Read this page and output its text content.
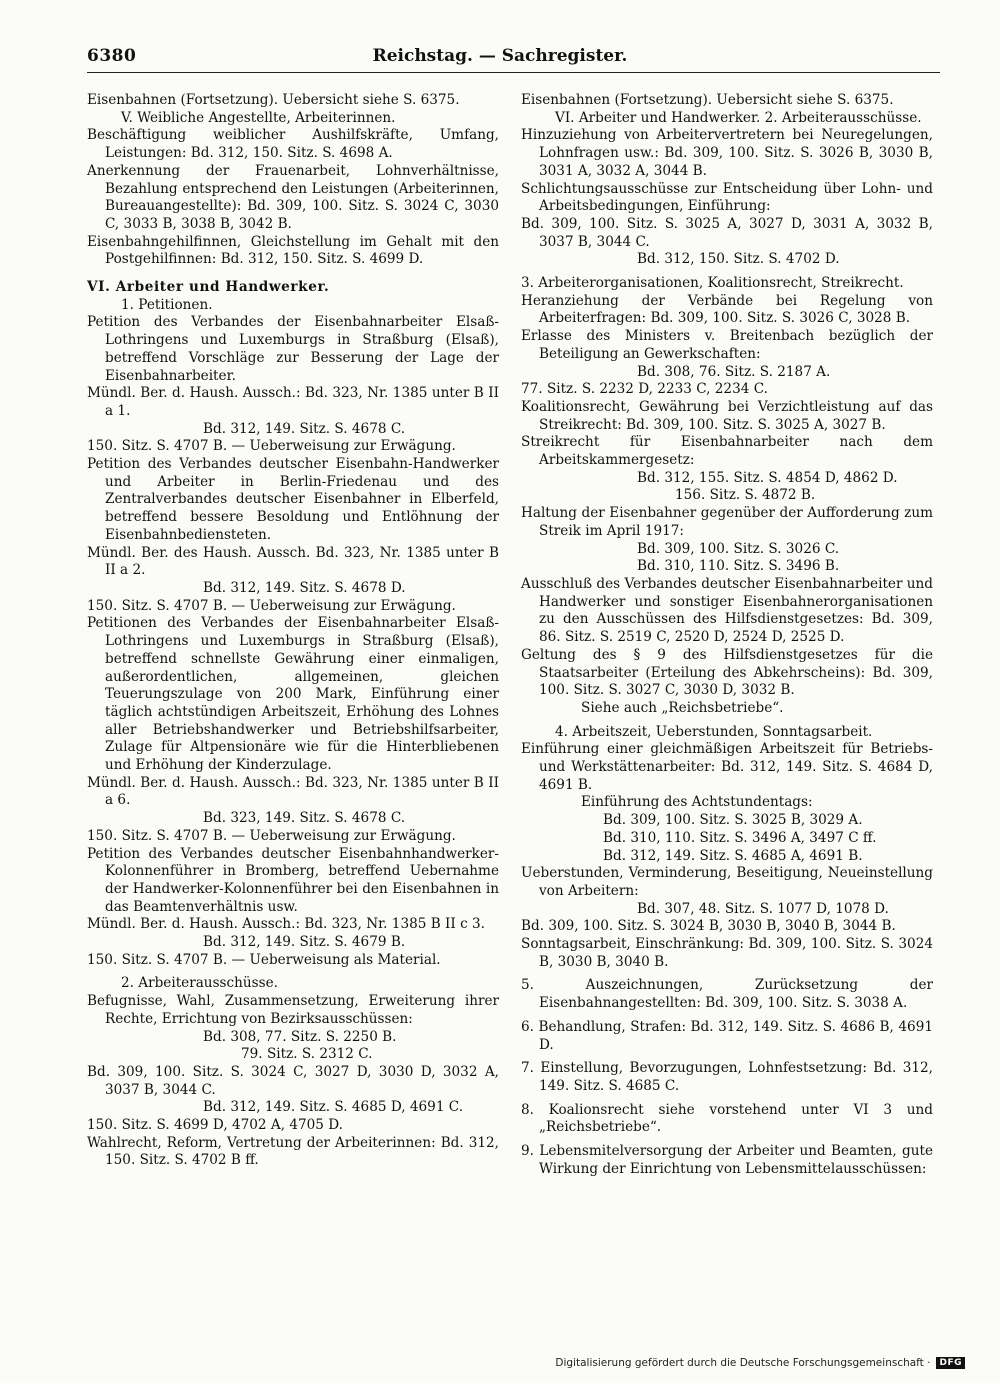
6380	Reichstag. — Sachregister.

Eisenbahnen (Fortsetzung). Uebersicht siehe S. 6375.

V. Weibliche Angestellte, Arbeiterinnen.

Beschäftigung weiblicher Aushilfskräfte, Umfang, Leistungen: Bd. 312, 150. Sitz. S. 4698 A.

Anerkennung der Frauenarbeit, Lohnverhältnisse, Bezahlung entsprechend den Leistungen (Arbeiterinnen, Bureauangestellte): Bd. 309, 100. Sitz. S. 3024 C, 3030 C, 3033 B, 3038 B, 3042 B.

Eisenbahngehilfinnen, Gleichstellung im Gehalt mit den Postgehilfinnen: Bd. 312, 150. Sitz. S. 4699 D.

VI. Arbeiter und Handwerker.

1. Petitionen.

Petition des Verbandes der Eisenbahnarbeiter Elsaß-Lothringens und Luxemburgs in Straßburg (Elsaß), betreffend Vorschläge zur Besserung der Lage der Eisenbahnarbeiter.

Mündl. Ber. d. Haush. Aussch.: Bd. 323, Nr. 1385 unter B II a 1.

Bd. 312, 149. Sitz. S. 4678 C.

150. Sitz. S. 4707 B. — Ueberweisung zur Erwägung.

Petition des Verbandes deutscher Eisenbahn-Handwerker und Arbeiter in Berlin-Friedenau und des Zentralverbandes deutscher Eisenbahner in Elberfeld, betreffend bessere Besoldung und Entlöhnung der Eisenbahnbediensteten.

Mündl. Ber. des Haush. Aussch. Bd. 323, Nr. 1385 unter B II a 2.

Bd. 312, 149. Sitz. S. 4678 D.

150. Sitz. S. 4707 B. — Ueberweisung zur Erwägung.

Petitionen des Verbandes der Eisenbahnarbeiter Elsaß-Lothringens und Luxemburgs in Straßburg (Elsaß), betreffend schnellste Gewährung einer einmaligen, außerordentlichen, allgemeinen, gleichen Teuerungszulage von 200 Mark, Einführung einer täglich achtstündigen Arbeitszeit, Erhöhung des Lohnes aller Betriebshandwerker und Betriebshilfsarbeiter, Zulage für Altpensionäre wie für die Hinterbliebenen und Erhöhung der Kinderzulage.

Mündl. Ber. d. Haush. Aussch.: Bd. 323, Nr. 1385 unter B II a 6.

Bd. 323, 149. Sitz. S. 4678 C.

150. Sitz. S. 4707 B. — Ueberweisung zur Erwägung.

Petition des Verbandes deutscher Eisenbahnhandwerker-Kolonnenführer in Bromberg, betreffend Uebernahme der Handwerker-Kolonnenführer bei den Eisenbahnen in das Beamtenverhältnis usw.

Mündl. Ber. d. Haush. Aussch.: Bd. 323, Nr. 1385 B II c 3.

Bd. 312, 149. Sitz. S. 4679 B.

150. Sitz. S. 4707 B. — Ueberweisung als Material.

2. Arbeiterausschüsse.

Befugnisse, Wahl, Zusammensetzung, Erweiterung ihrer Rechte, Errichtung von Bezirksausschüssen:

Bd. 308, 77. Sitz. S. 2250 B.

79. Sitz. S. 2312 C.

Bd. 309, 100. Sitz. S. 3024 C, 3027 D, 3030 D, 3032 A, 3037 B, 3044 C.

Bd. 312, 149. Sitz. S. 4685 D, 4691 C.

150. Sitz. S. 4699 D, 4702 A, 4705 D.

Wahlrecht, Reform, Vertretung der Arbeiterinnen: Bd. 312, 150. Sitz. S. 4702 B ff.

Eisenbahnen (Fortsetzung). Uebersicht siehe S. 6375.

VI. Arbeiter und Handwerker. 2. Arbeiterausschüsse.

Hinzuziehung von Arbeitervertretern bei Neuregelungen, Lohnfragen usw.: Bd. 309, 100. Sitz. S. 3026 B, 3030 B, 3031 A, 3032 A, 3044 B.

Schlichtungsausschüsse zur Entscheidung über Lohn- und Arbeitsbedingungen, Einführung:

Bd. 309, 100. Sitz. S. 3025 A, 3027 D, 3031 A, 3032 B, 3037 B, 3044 C.

Bd. 312, 150. Sitz. S. 4702 D.

3. Arbeiterorganisationen, Koalitionsrecht, Streikrecht.

Heranziehung der Verbände bei Regelung von Arbeiterfragen: Bd. 309, 100. Sitz. S. 3026 C, 3028 B.

Erlasse des Ministers v. Breitenbach bezüglich der Beteiligung an Gewerkschaften:

Bd. 308, 76. Sitz. S. 2187 A.

77. Sitz. S. 2232 D, 2233 C, 2234 C.

Koalitionsrecht, Gewährung bei Verzichtleistung auf das Streikrecht: Bd. 309, 100. Sitz. S. 3025 A, 3027 B.

Streikrecht für Eisenbahnarbeiter nach dem Arbeitskammergesetz:

Bd. 312, 155. Sitz. S. 4854 D, 4862 D.

156. Sitz. S. 4872 B.

Haltung der Eisenbahner gegenüber der Aufforderung zum Streik im April 1917:

Bd. 309, 100. Sitz. S. 3026 C.

Bd. 310, 110. Sitz. S. 3496 B.

Ausschluß des Verbandes deutscher Eisenbahnarbeiter und Handwerker und sonstiger Eisenbahnerorganisationen zu den Ausschüssen des Hilfsdienstgesetzes: Bd. 309, 86. Sitz. S. 2519 C, 2520 D, 2524 D, 2525 D.

Geltung des § 9 des Hilfsdienstgesetzes für die Staatsarbeiter (Erteilung des Abkehrscheins): Bd. 309, 100. Sitz. S. 3027 C, 3030 D, 3032 B.

Siehe auch „Reichsbetriebe“.

4. Arbeitszeit, Ueberstunden, Sonntagsarbeit.

Einführung einer gleichmäßigen Arbeitszeit für Betriebs- und Werkstättenarbeiter: Bd. 312, 149. Sitz. S. 4684 D, 4691 B.

Einführung des Achtstundentags:

Bd. 309, 100. Sitz. S. 3025 B, 3029 A.

Bd. 310, 110. Sitz. S. 3496 A, 3497 C ff.

Bd. 312, 149. Sitz. S. 4685 A, 4691 B.

Ueberstunden, Verminderung, Beseitigung, Neueinstellung von Arbeitern:

Bd. 307, 48. Sitz. S. 1077 D, 1078 D.

Bd. 309, 100. Sitz. S. 3024 B, 3030 B, 3040 B, 3044 B.

Sonntagsarbeit, Einschränkung: Bd. 309, 100. Sitz. S. 3024 B, 3030 B, 3040 B.

5. Auszeichnungen, Zurücksetzung der Eisenbahnangestellten: Bd. 309, 100. Sitz. S. 3038 A.

6. Behandlung, Strafen: Bd. 312, 149. Sitz. S. 4686 B, 4691 D.

7. Einstellung, Bevorzugungen, Lohnfestsetzung: Bd. 312, 149. Sitz. S. 4685 C.

8. Koalionsrecht siehe vorstehend unter VI 3 und „Reichsbetriebe“.

9. Lebensmitelversorgung der Arbeiter und Beamten, gute Wirkung der Einrichtung von Lebensmittelausschüssen:

Digitalisierung gefördert durch die Deutsche Forschungsgemeinschaft ·	DFG
